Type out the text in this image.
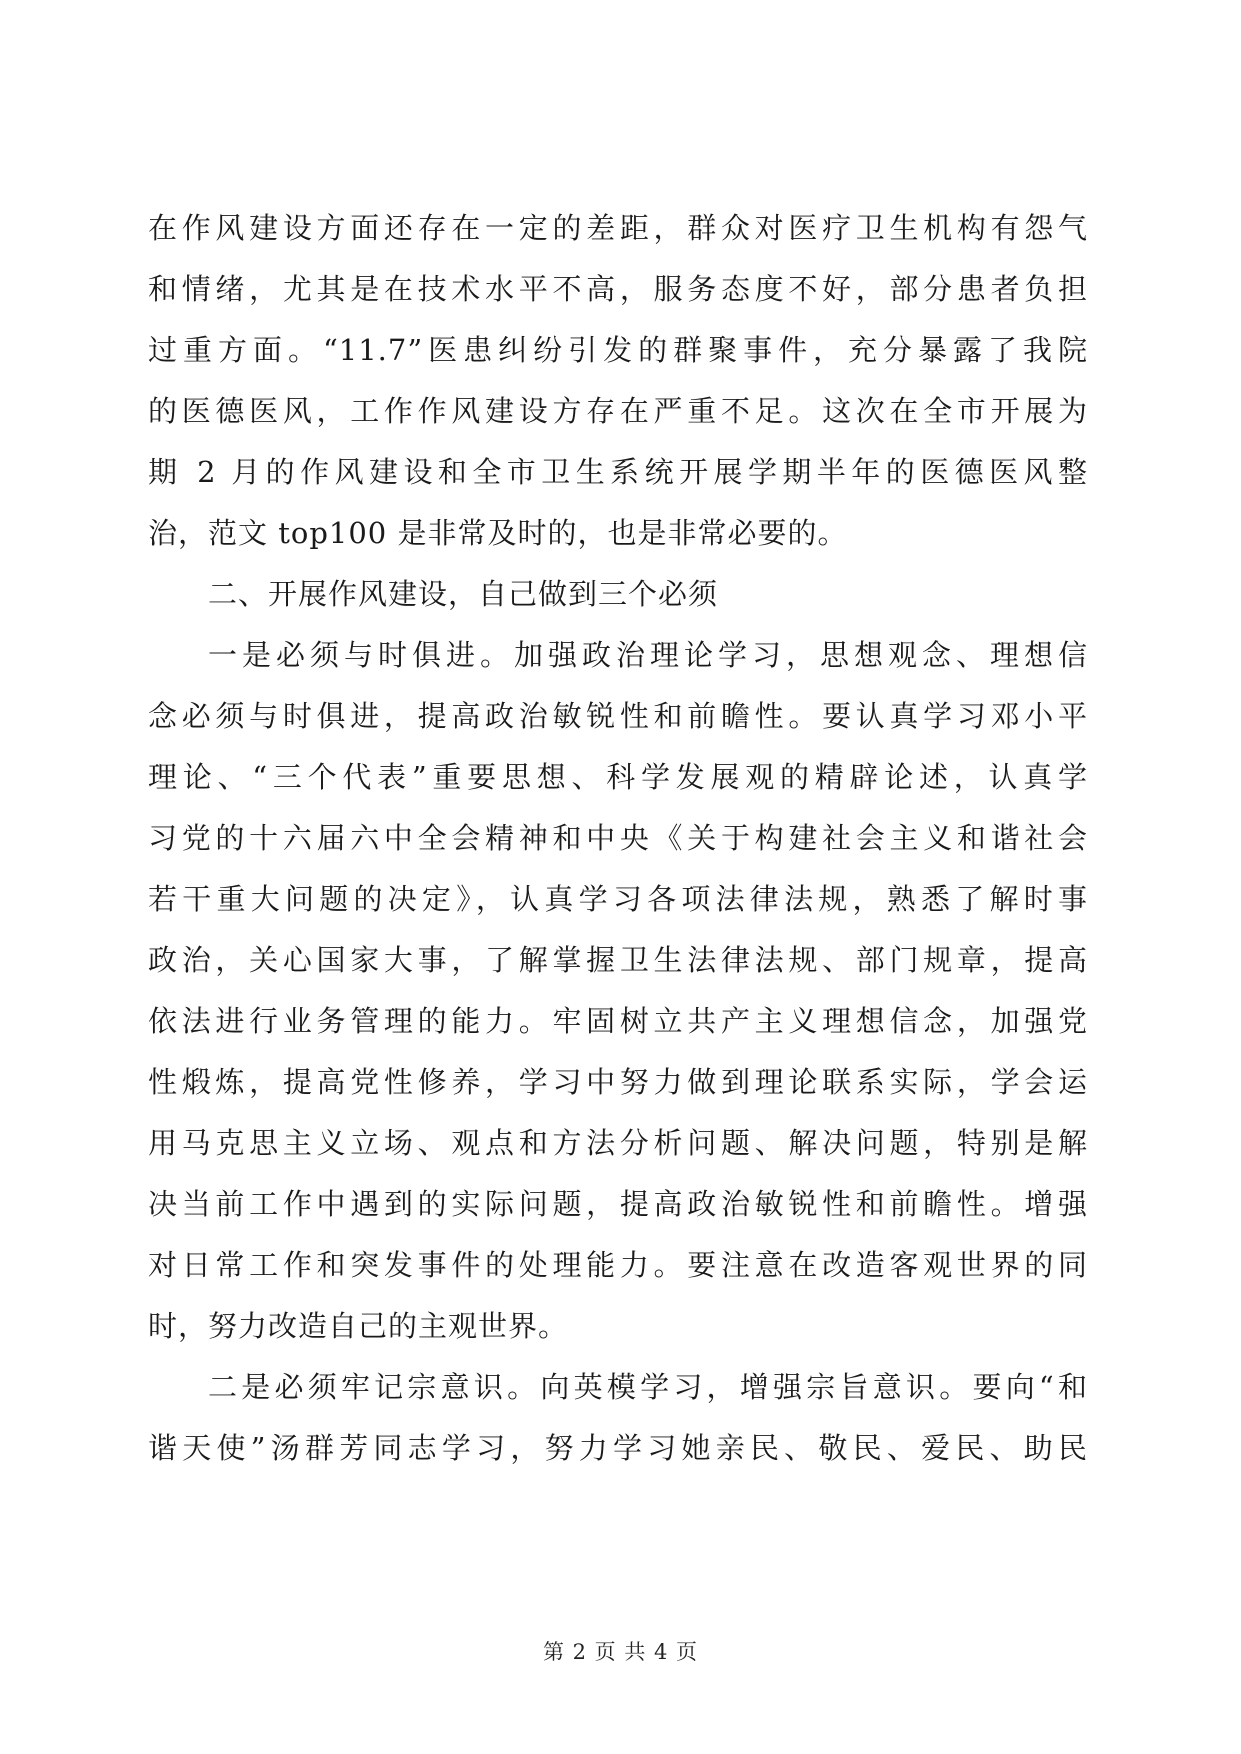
在作风建设方面还存在一定的差距，群众对医疗卫生机构有怨气
和情绪，尤其是在技术水平不高，服务态度不好，部分患者负担
过重方面。“11.7”医患纠纷引发的群聚事件，充分暴露了我院
的医德医风，工作作风建设方存在严重不足。这次在全市开展为
期 2 月的作风建设和全市卫生系统开展学期半年的医德医风整
治，范文 top100 是非常及时的，也是非常必要的。
二、开展作风建设，自己做到三个必须
一是必须与时俱进。加强政治理论学习，思想观念、理想信
念必须与时俱进，提高政治敏锐性和前瞻性。要认真学习邓小平
理论、“三个代表”重要思想、科学发展观的精辟论述，认真学
习党的十六届六中全会精神和中央《关于构建社会主义和谐社会
若干重大问题的决定》，认真学习各项法律法规，熟悉了解时事
政治，关心国家大事，了解掌握卫生法律法规、部门规章，提高
依法进行业务管理的能力。牢固树立共产主义理想信念，加强党
性煅炼，提高党性修养，学习中努力做到理论联系实际，学会运
用马克思主义立场、观点和方法分析问题、解决问题，特别是解
决当前工作中遇到的实际问题，提高政治敏锐性和前瞻性。增强
对日常工作和突发事件的处理能力。要注意在改造客观世界的同
时，努力改造自己的主观世界。
二是必须牢记宗意识。向英模学习，增强宗旨意识。要向“和
谐天使”汤群芳同志学习，努力学习她亲民、敬民、爱民、助民
第 2 页 共 4 页
